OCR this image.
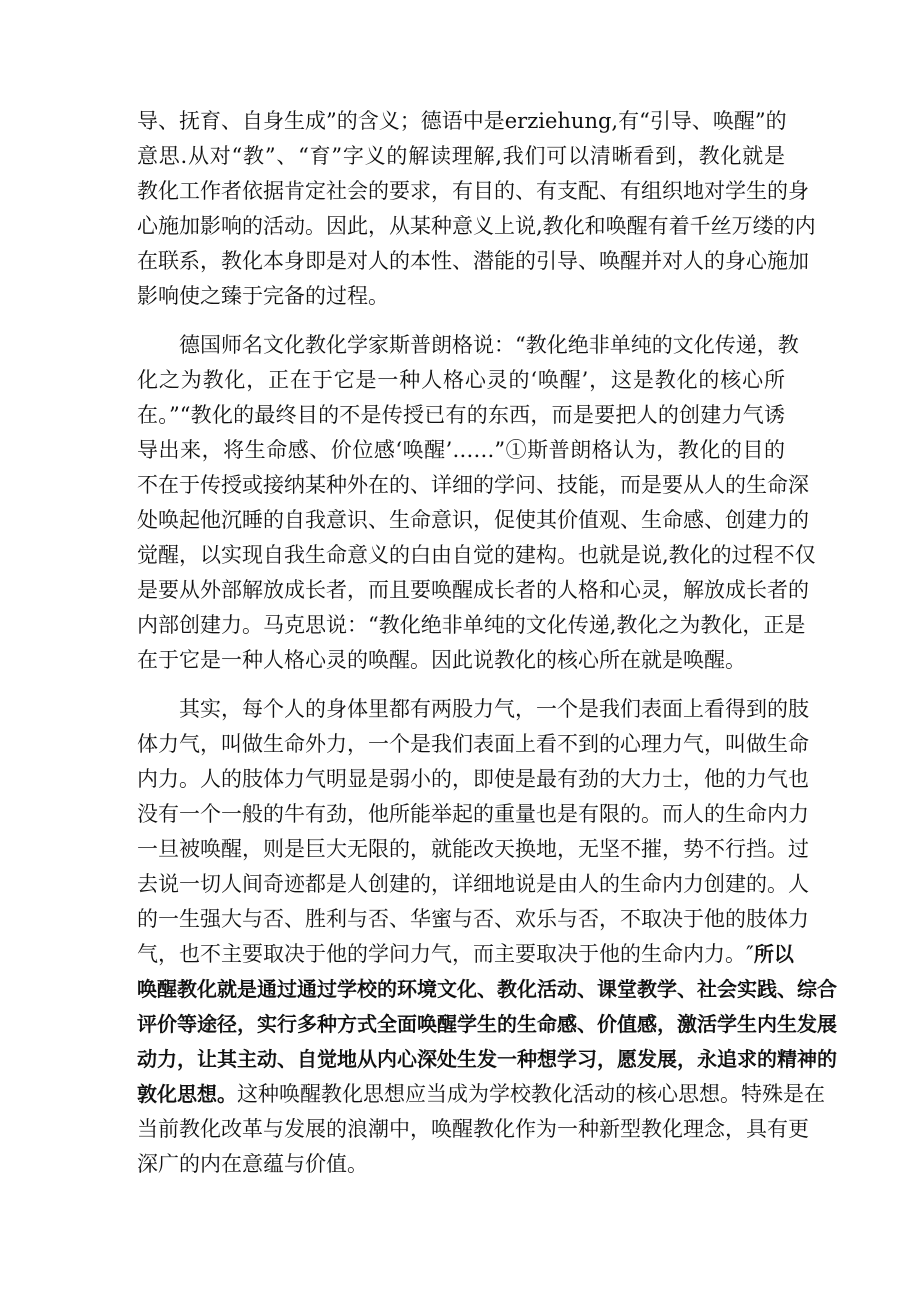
导、抚育、自身生成”的含义；德语中是erziehung,有“引导、唤醒”的
意思.从对“教”、“育”字义的解读理解,我们可以清晰看到，教化就是
教化工作者依据肯定社会的要求，有目的、有支配、有组织地对学生的身
心施加影响的活动。因此，从某种意义上说,教化和唤醒有着千丝万缕的内
在联系，教化本身即是对人的本性、潜能的引导、唤醒并对人的身心施加
影响使之臻于完备的过程。
德国师名文化教化学家斯普朗格说：“教化绝非单纯的文化传递，教
化之为教化，正在于它是一种人格心灵的‘唤醒’，这是教化的核心所
在。”“教化的最终目的不是传授已有的东西，而是要把人的创建力气诱
导出来，将生命感、价位感‘唤醒’……”①斯普朗格认为，教化的目的
不在于传授或接纳某种外在的、详细的学问、技能，而是要从人的生命深
处唤起他沉睡的自我意识、生命意识，促使其价值观、生命感、创建力的
觉醒，以实现自我生命意义的白由自觉的建构。也就是说,教化的过程不仅
是要从外部解放成长者，而且要唤醒成长者的人格和心灵，解放成长者的
内部创建力。马克思说：“教化绝非单纯的文化传递,教化之为教化，正是
在于它是一种人格心灵的唤醒。因此说教化的核心所在就是唤醒。
其实，每个人的身体里都有两股力气，一个是我们表面上看得到的肢
体力气，叫做生命外力，一个是我们表面上看不到的心理力气，叫做生命
内力。人的肢体力气明显是弱小的，即使是最有劲的大力士，他的力气也
没有一个一般的牛有劲，他所能举起的重量也是有限的。而人的生命内力
一旦被唤醒，则是巨大无限的，就能改天换地，无坚不摧，势不行挡。过
去说一切人间奇迹都是人创建的，详细地说是由人的生命内力创建的。人
的一生强大与否、胜利与否、华蜜与否、欢乐与否，不取决于他的肢体力
气，也不主要取决于他的学问力气，而主要取决于他的生命内力。″所以
唤醒教化就是通过通过学校的环境文化、教化活动、课堂教学、社会实践、综合
评价等途径，实行多种方式全面唤醒学生的生命感、价值感，激活学生内生发展
动力，让其主动、自觉地从内心深处生发一种想学习，愿发展，永追求的精神的
敦化思想。这种唤醒教化思想应当成为学校教化活动的核心思想。特殊是在
当前教化改革与发展的浪潮中，唤醒教化作为一种新型教化理念，具有更
深广的内在意蕴与价值。
